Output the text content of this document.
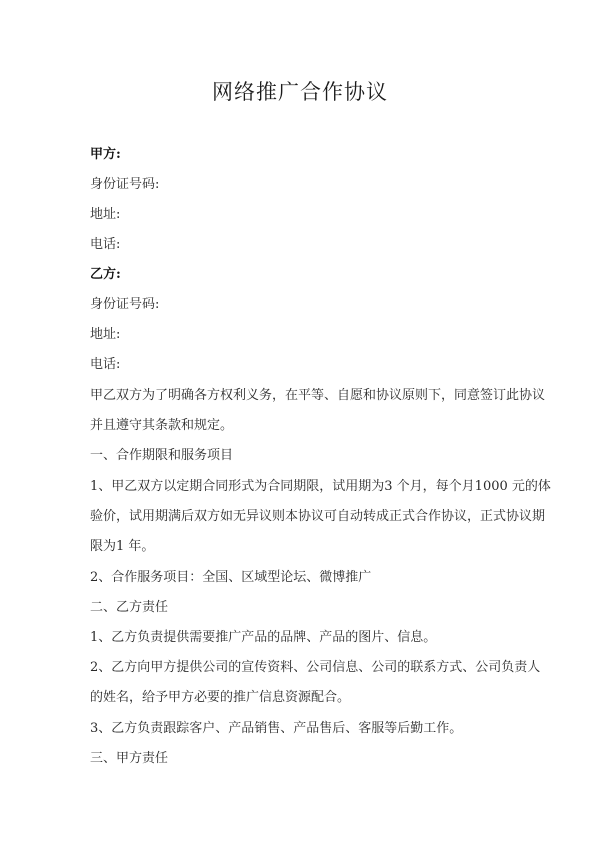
网络推广合作协议
甲方:
身份证号码:
地址:
电话:
乙方:
身份证号码:
地址:
电话:
甲乙双方为了明确各方权利义务，在平等、自愿和协议原则下，同意签订此协议
并且遵守其条款和规定。
一、合作期限和服务项目
1、甲乙双方以定期合同形式为合同期限，试用期为3 个月，每个月1000 元的体
验价，试用期满后双方如无异议则本协议可自动转成正式合作协议，正式协议期
限为1 年。
2、合作服务项目：全国、区域型论坛、微博推广
二、乙方责任
1、乙方负责提供需要推广产品的品牌、产品的图片、信息。
2、乙方向甲方提供公司的宣传资料、公司信息、公司的联系方式、公司负责人
的姓名，给予甲方必要的推广信息资源配合。
3、乙方负责跟踪客户、产品销售、产品售后、客服等后勤工作。
三、甲方责任
